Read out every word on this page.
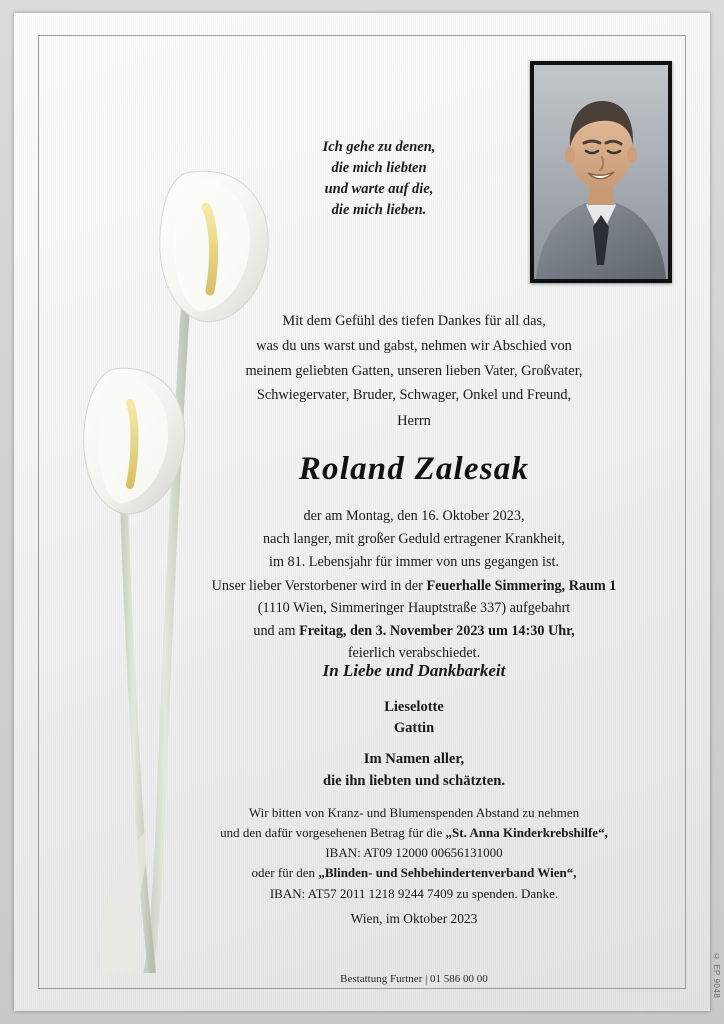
Ich gehe zu denen,
die mich liebten
und warte auf die,
die mich lieben.
Mit dem Gefühl des tiefen Dankes für all das,
was du uns warst und gabst, nehmen wir Abschied von
meinem geliebten Gatten, unseren lieben Vater, Großvater,
Schwiegervater, Bruder, Schwager, Onkel und Freund,
Herrn
Roland Zalesak
der am Montag, den 16. Oktober 2023,
nach langer, mit großer Geduld ertragener Krankheit,
im 81. Lebensjahr für immer von uns gegangen ist.
Unser lieber Verstorbener wird in der Feuerhalle Simmering, Raum 1
(1110 Wien, Simmeringer Hauptstraße 337) aufgebahrt
und am Freitag, den 3. November 2023 um 14:30 Uhr,
feierlich verabschiedet.
In Liebe und Dankbarkeit
Lieselotte
Gattin
Im Namen aller,
die ihn liebten und schätzten.
Wir bitten von Kranz- und Blumenspenden Abstand zu nehmen
und den dafür vorgesehenen Betrag für die „St. Anna Kinderkrebshilfe“,
IBAN: AT09 12000 00656131000
oder für den „Blinden- und Sehbehindertenverband Wien“,
IBAN: AT57 2011 1218 9244 7409 zu spenden. Danke.
Wien, im Oktober 2023
Bestattung Furtner | 01 586 00 00	© EP 9048
